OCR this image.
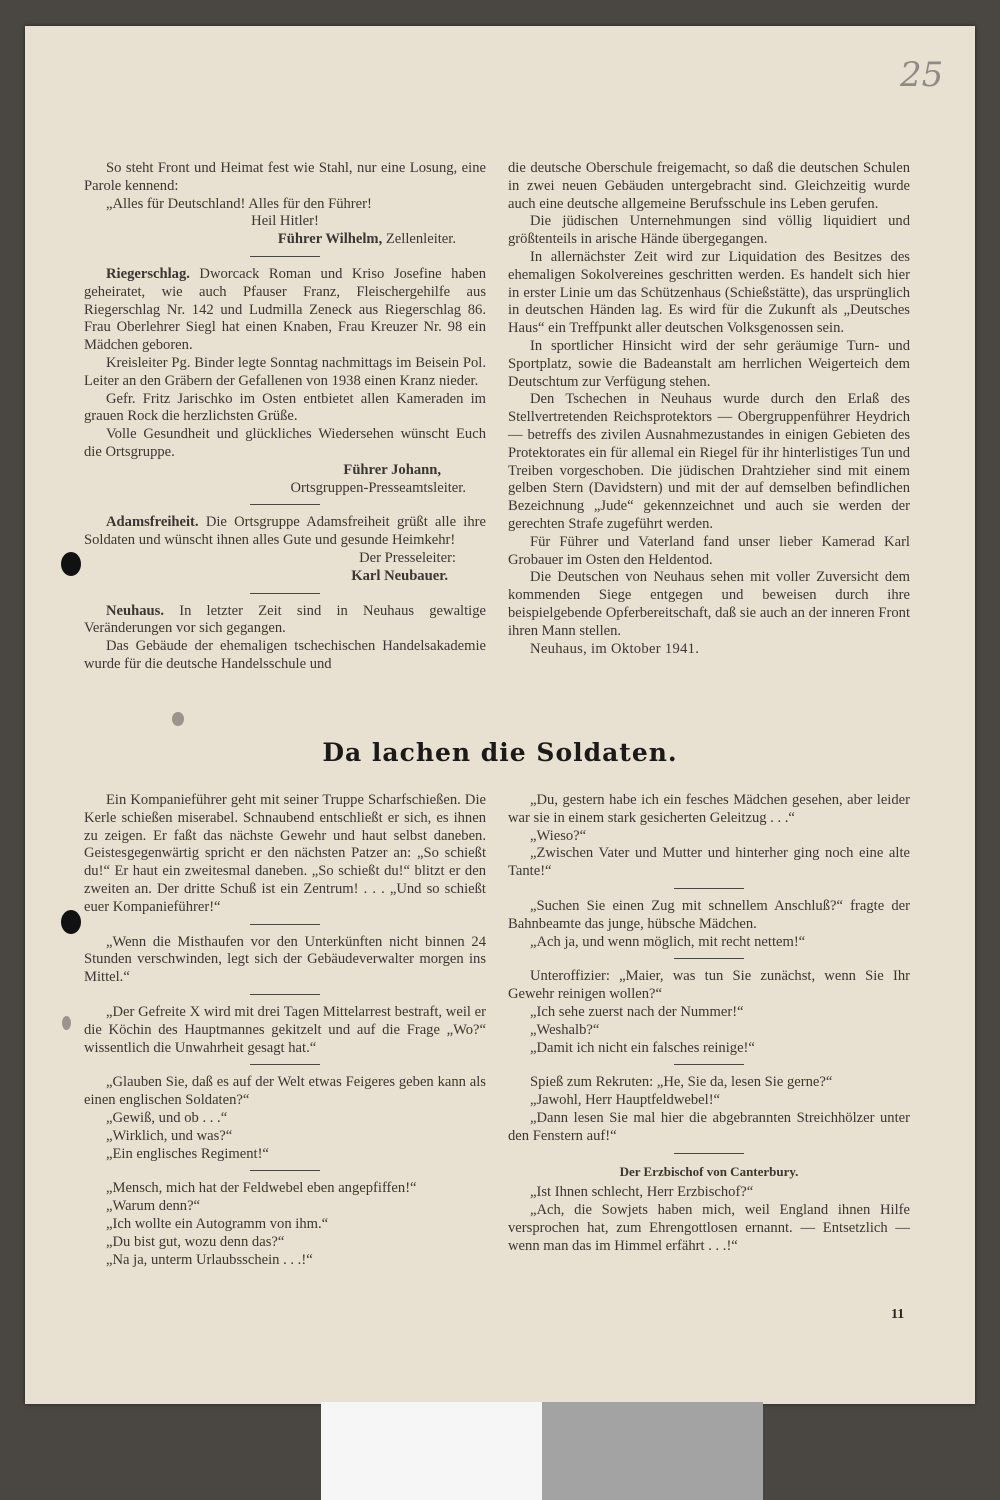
25

So steht Front und Heimat fest wie Stahl, nur eine Losung, eine Parole kennend:

„Alles für Deutschland! Alles für den Führer!

Heil Hitler!

Führer Wilhelm, Zellenleiter.

Riegerschlag. Dworcack Roman und Kriso Josefine haben geheiratet, wie auch Pfauser Franz, Fleischergehilfe aus Riegerschlag Nr. 142 und Ludmilla Zeneck aus Riegerschlag 86. Frau Oberlehrer Siegl hat einen Knaben, Frau Kreuzer Nr. 98 ein Mädchen geboren.

Kreisleiter Pg. Binder legte Sonntag nachmittags im Beisein Pol. Leiter an den Gräbern der Gefallenen von 1938 einen Kranz nieder.

Gefr. Fritz Jarischko im Osten entbietet allen Kameraden im grauen Rock die herzlichsten Grüße.

Volle Gesundheit und glückliches Wiedersehen wünscht Euch die Ortsgruppe.

Führer Johann,

Ortsgruppen-Presseamtsleiter.

Adamsfreiheit. Die Ortsgruppe Adamsfreiheit grüßt alle ihre Soldaten und wünscht ihnen alles Gute und gesunde Heimkehr!

Der Presseleiter:

Karl Neubauer.

Neuhaus. In letzter Zeit sind in Neuhaus gewaltige Veränderungen vor sich gegangen.

Das Gebäude der ehemaligen tschechischen Handelsakademie wurde für die deutsche Handelsschule und

die deutsche Oberschule freigemacht, so daß die deutschen Schulen in zwei neuen Gebäuden untergebracht sind. Gleichzeitig wurde auch eine deutsche allgemeine Berufsschule ins Leben gerufen.

Die jüdischen Unternehmungen sind völlig liquidiert und größtenteils in arische Hände übergegangen.

In allernächster Zeit wird zur Liquidation des Besitzes des ehemaligen Sokolvereines geschritten werden. Es handelt sich hier in erster Linie um das Schützenhaus (Schießstätte), das ursprünglich in deutschen Händen lag. Es wird für die Zukunft als „Deutsches Haus“ ein Treffpunkt aller deutschen Volksgenossen sein.

In sportlicher Hinsicht wird der sehr geräumige Turn- und Sportplatz, sowie die Badeanstalt am herrlichen Weigerteich dem Deutschtum zur Verfügung stehen.

Den Tschechen in Neuhaus wurde durch den Erlaß des Stellvertretenden Reichsprotektors — Obergruppenführer Heydrich — betreffs des zivilen Ausnahmezustandes in einigen Gebieten des Protektorates ein für allemal ein Riegel für ihr hinterlistiges Tun und Treiben vorgeschoben. Die jüdischen Drahtzieher sind mit einem gelben Stern (Davidstern) und mit der auf demselben befindlichen Bezeichnung „Jude“ gekennzeichnet und auch sie werden der gerechten Strafe zugeführt werden.

Für Führer und Vaterland fand unser lieber Kamerad Karl Grobauer im Osten den Heldentod.

Die Deutschen von Neuhaus sehen mit voller Zuversicht dem kommenden Siege entgegen und beweisen durch ihre beispielgebende Opferbereitschaft, daß sie auch an der inneren Front ihren Mann stellen.

Neuhaus, im Oktober 1941.

Da lachen die Soldaten.

Ein Kompanieführer geht mit seiner Truppe Scharfschießen. Die Kerle schießen miserabel. Schnaubend entschließt er sich, es ihnen zu zeigen. Er faßt das nächste Gewehr und haut selbst daneben. Geistesgegenwärtig spricht er den nächsten Patzer an: „So schießt du!“ Er haut ein zweitesmal daneben. „So schießt du!“ blitzt er den zweiten an. Der dritte Schuß ist ein Zentrum! . . . „Und so schießt euer Kompanieführer!“

„Wenn die Misthaufen vor den Unterkünften nicht binnen 24 Stunden verschwinden, legt sich der Gebäudeverwalter morgen ins Mittel.“

„Der Gefreite X wird mit drei Tagen Mittelarrest bestraft, weil er die Köchin des Hauptmannes gekitzelt und auf die Frage „Wo?“ wissentlich die Unwahrheit gesagt hat.“

„Glauben Sie, daß es auf der Welt etwas Feigeres geben kann als einen englischen Soldaten?“

„Gewiß, und ob . . .“

„Wirklich, und was?“

„Ein englisches Regiment!“

„Mensch, mich hat der Feldwebel eben angepfiffen!“

„Warum denn?“

„Ich wollte ein Autogramm von ihm.“

„Du bist gut, wozu denn das?“

„Na ja, unterm Urlaubsschein . . .!“

„Du, gestern habe ich ein fesches Mädchen gesehen, aber leider war sie in einem stark gesicherten Geleitzug . . .“

„Wieso?“

„Zwischen Vater und Mutter und hinterher ging noch eine alte Tante!“

„Suchen Sie einen Zug mit schnellem Anschluß?“ fragte der Bahnbeamte das junge, hübsche Mädchen.

„Ach ja, und wenn möglich, mit recht nettem!“

Unteroffizier: „Maier, was tun Sie zunächst, wenn Sie Ihr Gewehr reinigen wollen?“

„Ich sehe zuerst nach der Nummer!“

„Weshalb?“

„Damit ich nicht ein falsches reinige!“

Spieß zum Rekruten: „He, Sie da, lesen Sie gerne?“

„Jawohl, Herr Hauptfeldwebel!“

„Dann lesen Sie mal hier die abgebrannten Streichhölzer unter den Fenstern auf!“

Der Erzbischof von Canterbury.

„Ist Ihnen schlecht, Herr Erzbischof?“

„Ach, die Sowjets haben mich, weil England ihnen Hilfe versprochen hat, zum Ehrengottlosen ernannt. — Entsetzlich — wenn man das im Himmel erfährt . . .!“

11
